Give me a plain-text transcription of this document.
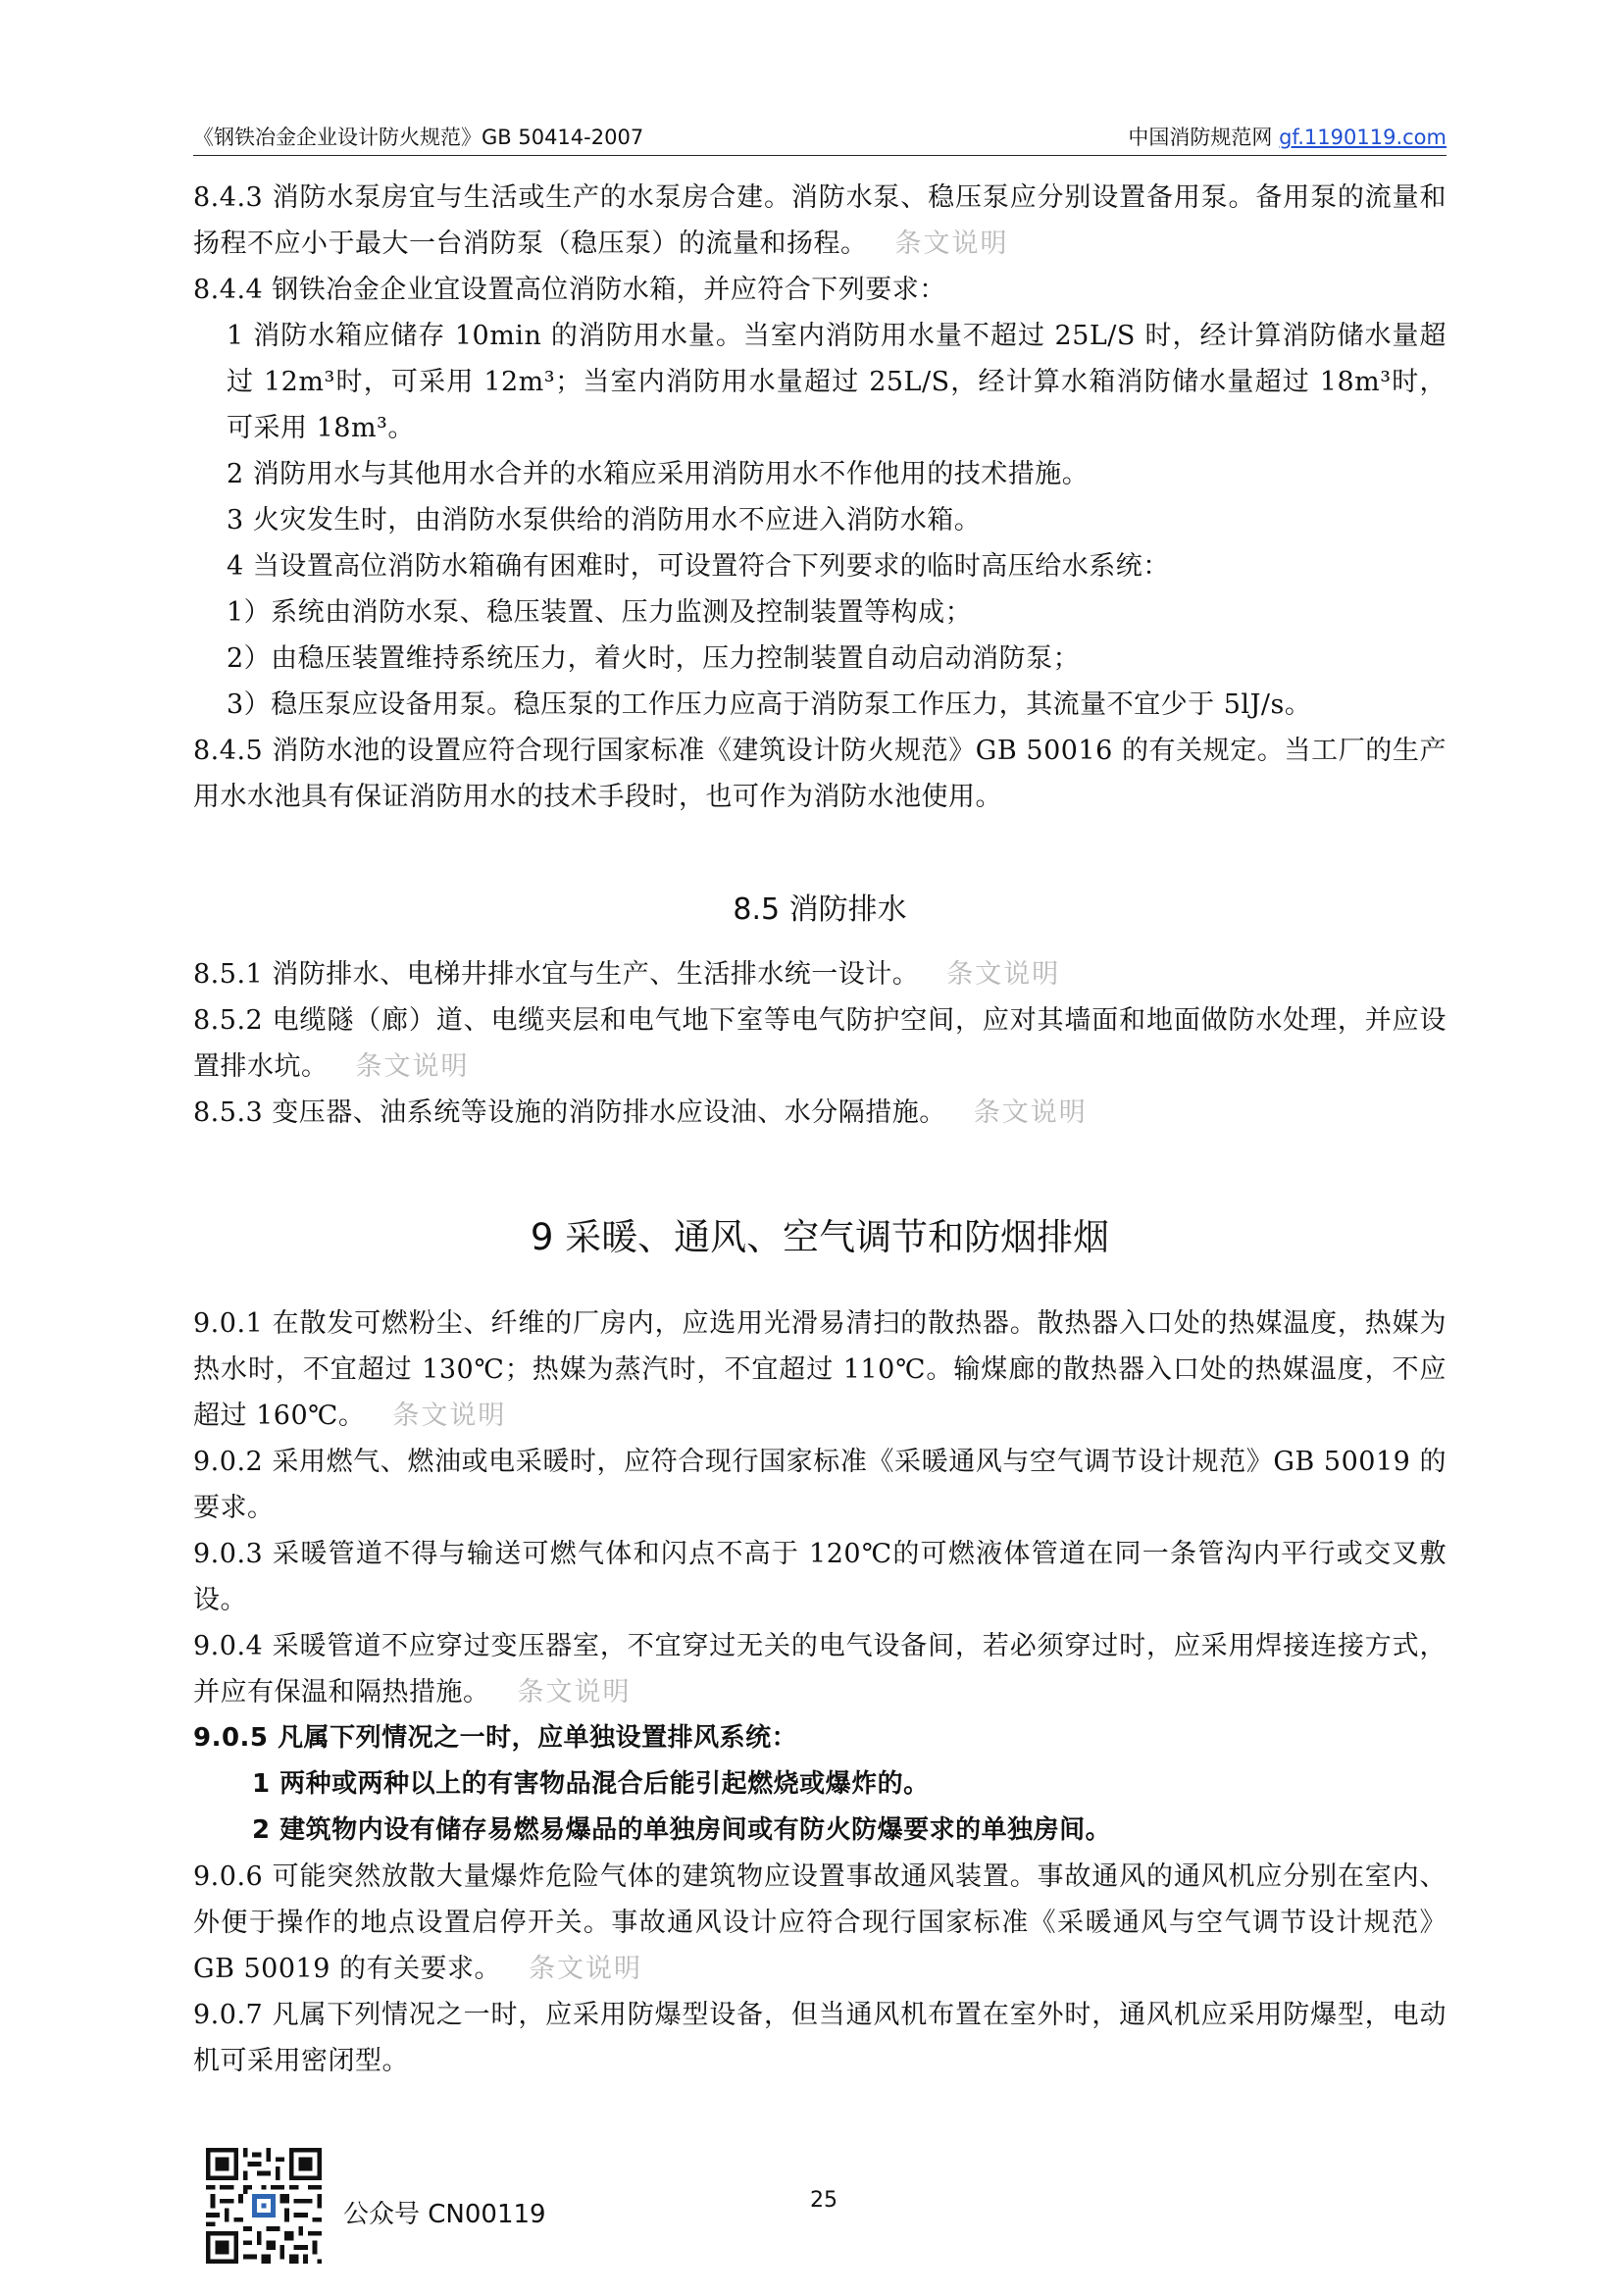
《钢铁冶金企业设计防火规范》GB 50414-2007	中国消防规范网 gf.1190119.com

8.4.3 消防水泵房宜与生活或生产的水泵房合建。消防水泵、稳压泵应分别设置备用泵。备用泵的流量和扬程不应小于最大一台消防泵（稳压泵）的流量和扬程。 条文说明

8.4.4 钢铁冶金企业宜设置高位消防水箱，并应符合下列要求：

1 消防水箱应储存 10min 的消防用水量。当室内消防用水量不超过 25L/S 时，经计算消防储水量超过 12m³时，可采用 12m³；当室内消防用水量超过 25L/S，经计算水箱消防储水量超过 18m³时，可采用 18m³。

2 消防用水与其他用水合并的水箱应采用消防用水不作他用的技术措施。

3 火灾发生时，由消防水泵供给的消防用水不应进入消防水箱。

4 当设置高位消防水箱确有困难时，可设置符合下列要求的临时高压给水系统：

1）系统由消防水泵、稳压装置、压力监测及控制装置等构成；

2）由稳压装置维持系统压力，着火时，压力控制装置自动启动消防泵；

3）稳压泵应设备用泵。稳压泵的工作压力应高于消防泵工作压力，其流量不宜少于 5lJ/s。

8.4.5 消防水池的设置应符合现行国家标准《建筑设计防火规范》GB 50016 的有关规定。当工厂的生产用水水池具有保证消防用水的技术手段时，也可作为消防水池使用。

8.5 消防排水

8.5.1 消防排水、电梯井排水宜与生产、生活排水统一设计。 条文说明

8.5.2 电缆隧（廊）道、电缆夹层和电气地下室等电气防护空间，应对其墙面和地面做防水处理，并应设置排水坑。 条文说明

8.5.3 变压器、油系统等设施的消防排水应设油、水分隔措施。 条文说明

9 采暖、通风、空气调节和防烟排烟

9.0.1 在散发可燃粉尘、纤维的厂房内，应选用光滑易清扫的散热器。散热器入口处的热媒温度，热媒为热水时，不宜超过 130℃；热媒为蒸汽时，不宜超过 110℃。输煤廊的散热器入口处的热媒温度，不应超过 160℃。 条文说明

9.0.2 采用燃气、燃油或电采暖时，应符合现行国家标准《采暖通风与空气调节设计规范》GB 50019 的要求。

9.0.3 采暖管道不得与输送可燃气体和闪点不高于 120℃的可燃液体管道在同一条管沟内平行或交叉敷设。

9.0.4 采暖管道不应穿过变压器室，不宜穿过无关的电气设备间，若必须穿过时，应采用焊接连接方式，并应有保温和隔热措施。 条文说明

9.0.5 凡属下列情况之一时，应单独设置排风系统：

1 两种或两种以上的有害物品混合后能引起燃烧或爆炸的。

2 建筑物内设有储存易燃易爆品的单独房间或有防火防爆要求的单独房间。

9.0.6 可能突然放散大量爆炸危险气体的建筑物应设置事故通风装置。事故通风的通风机应分别在室内、外便于操作的地点设置启停开关。事故通风设计应符合现行国家标准《采暖通风与空气调节设计规范》GB 50019 的有关要求。 条文说明

9.0.7 凡属下列情况之一时，应采用防爆型设备，但当通风机布置在室外时，通风机应采用防爆型，电动机可采用密闭型。

公众号 CN00119	25
